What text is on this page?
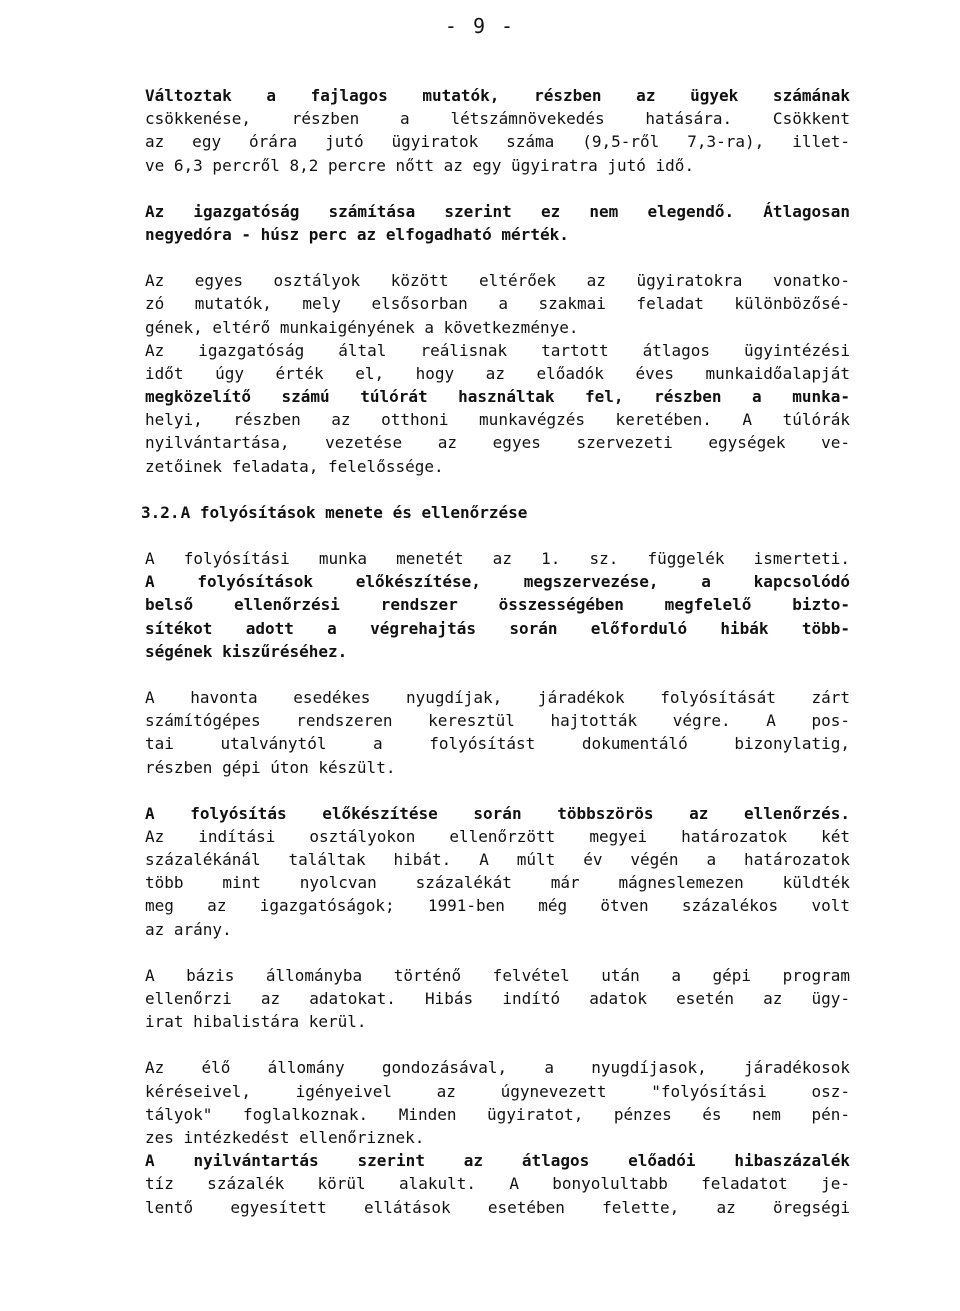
- 9 -
Változtak a fajlagos mutatók, részben az ügyek számának
csökkenése, részben a létszámnövekedés hatására. Csökkent
az egy órára jutó ügyiratok száma (9,5-ről 7,3-ra), illet-
ve 6,3 percről 8,2 percre nőtt az egy ügyiratra jutó idő.
Az igazgatóság számítása szerint ez nem elegendő. Átlagosan
negyedóra - húsz perc az elfogadható mérték.
Az egyes osztályok között eltérőek az ügyiratokra vonatko-
zó mutatók, mely elsősorban a szakmai feladat különbözősé-
gének, eltérő munkaigényének a következménye.
Az igazgatóság által reálisnak tartott átlagos ügyintézési
időt úgy érték el, hogy az előadók éves munkaidőalapját
megközelítő számú túlórát használtak fel, részben a munka-
helyi, részben az otthoni munkavégzés keretében. A túlórák
nyilvántartása, vezetése az egyes szervezeti egységek ve-
zetőinek feladata, felelőssége.
3.2. A folyósítások menete és ellenőrzése
A folyósítási munka menetét az 1. sz. függelék ismerteti.
A folyósítások előkészítése, megszervezése, a kapcsolódó
belső ellenőrzési rendszer összességében megfelelő bizto-
sítékot adott a végrehajtás során előforduló hibák több-
ségének kiszűréséhez.
A havonta esedékes nyugdíjak, járadékok folyósítását zárt
számítógépes rendszeren keresztül hajtották végre. A pos-
tai utalványtól a folyósítást dokumentáló bizonylatig,
részben gépi úton készült.
A folyósítás előkészítése során többszörös az ellenőrzés.
Az indítási osztályokon ellenőrzött megyei határozatok két
százalékánál találtak hibát. A múlt év végén a határozatok
több mint nyolcvan százalékát már mágneslemezen küldték
meg az igazgatóságok; 1991-ben még ötven százalékos volt
az arány.
A bázis állományba történő felvétel után a gépi program
ellenőrzi az adatokat. Hibás indító adatok esetén az ügy-
irat hibalistára kerül.
Az élő állomány gondozásával, a nyugdíjasok, járadékosok
kéréseivel, igényeivel az úgynevezett "folyósítási osz-
tályok" foglalkoznak. Minden ügyiratot, pénzes és nem pén-
zes intézkedést ellenőriznek.
A nyilvántartás szerint az átlagos előadói hibaszázalék
tíz százalék körül alakult. A bonyolultabb feladatot je-
lentő egyesített ellátások esetében felette, az öregségi
